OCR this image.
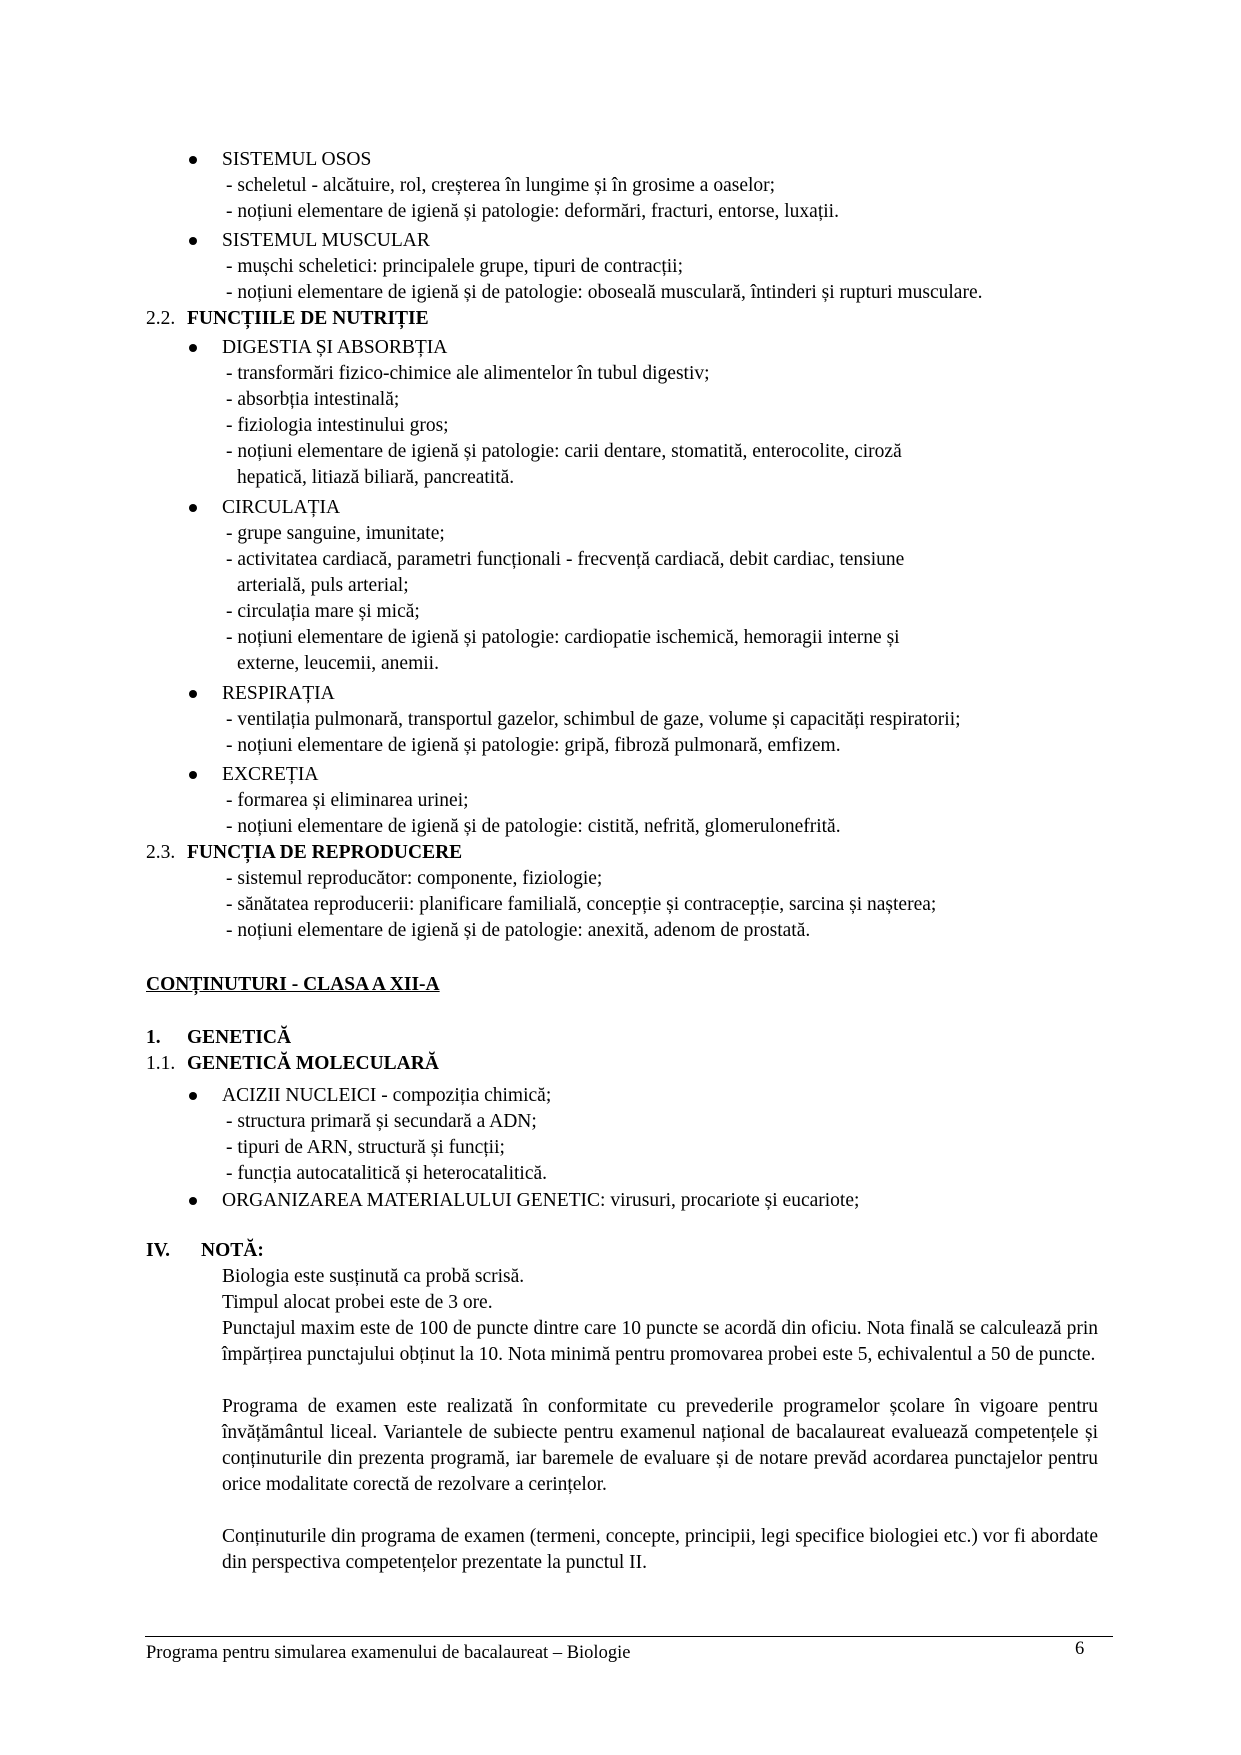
SISTEMUL OSOS
- scheletul - alcătuire, rol, creșterea în lungime și în grosime a oaselor;
- noțiuni elementare de igienă și patologie: deformări, fracturi, entorse, luxații.
SISTEMUL MUSCULAR
- mușchi scheletici: principalele grupe, tipuri de contracții;
- noțiuni elementare de igienă și de patologie: oboseală musculară, întinderi și rupturi musculare.
2.2. FUNCȚIILE DE NUTRIȚIE
DIGESTIA ȘI ABSORBȚIA
- transformări fizico-chimice ale alimentelor în tubul digestiv;
- absorbția intestinală;
- fiziologia intestinului gros;
- noțiuni elementare de igienă și patologie: carii dentare, stomatită, enterocolite, ciroză
hepatică, litiază biliară, pancreatită.
CIRCULAȚIA
- grupe sanguine, imunitate;
- activitatea cardiacă, parametri funcționali - frecvență cardiacă, debit cardiac, tensiune
arterială, puls arterial;
- circulația mare și mică;
- noțiuni elementare de igienă și patologie: cardiopatie ischemică, hemoragii interne și
externe, leucemii, anemii.
RESPIRAȚIA
- ventilația pulmonară, transportul gazelor, schimbul de gaze, volume și capacități respiratorii;
- noțiuni elementare de igienă și patologie: gripă, fibroză pulmonară, emfizem.
EXCREȚIA
- formarea și eliminarea urinei;
- noțiuni elementare de igienă și de patologie: cistită, nefrită, glomerulonefrită.
2.3. FUNCȚIA DE REPRODUCERE
- sistemul reproducător: componente, fiziologie;
- sănătatea reproducerii: planificare familială, concepție și contracepție, sarcina și nașterea;
- noțiuni elementare de igienă și de patologie: anexită, adenom de prostată.
CONȚINUTURI - CLASA A XII-A
1. GENETICĂ
1.1. GENETICĂ MOLECULARĂ
ACIZII NUCLEICI - compoziția chimică;
- structura primară și secundară a ADN;
- tipuri de ARN, structură și funcții;
- funcția autocatalitică și heterocatalitică.
ORGANIZAREA MATERIALULUI GENETIC: virusuri, procariote și eucariote;
IV. NOTĂ:
Biologia este susținută ca probă scrisă.
Timpul alocat probei este de 3 ore.
Punctajul maxim este de 100 de puncte dintre care 10 puncte se acordă din oficiu. Nota finală se calculează prin împărțirea punctajului obținut la 10. Nota minimă pentru promovarea probei este 5, echivalentul a 50 de puncte.
Programa de examen este realizată în conformitate cu prevederile programelor școlare în vigoare pentru învățământul liceal. Variantele de subiecte pentru examenul național de bacalaureat evaluează competențele și conținuturile din prezenta programă, iar baremele de evaluare și de notare prevăd acordarea punctajelor pentru orice modalitate corectă de rezolvare a cerințelor.
Conținuturile din programa de examen (termeni, concepte, principii, legi specifice biologiei etc.) vor fi abordate din perspectiva competențelor prezentate la punctul II.
Programa pentru simularea examenului de bacalaureat – Biologie	6
